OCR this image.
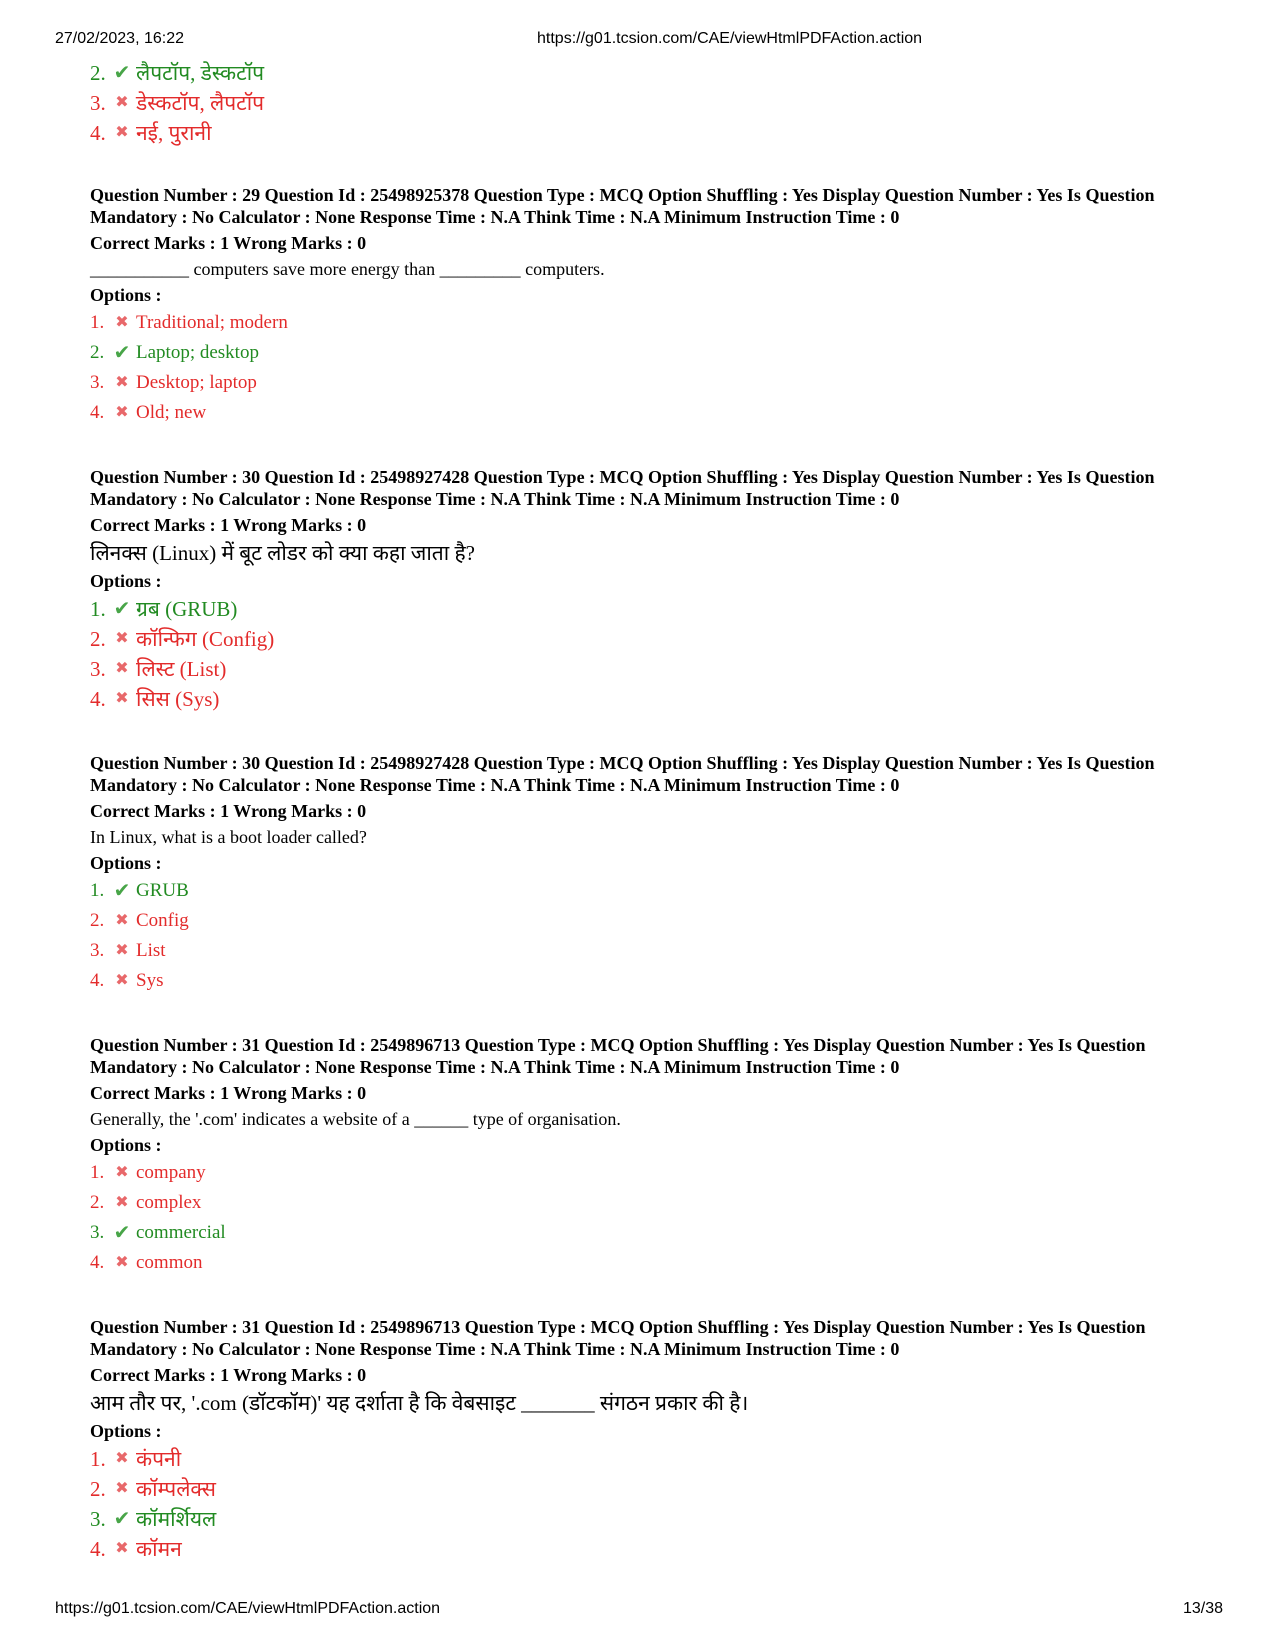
27/02/2023, 16:22	https://g01.tcsion.com/CAE/viewHtmlPDFAction.action
2. ✔ लैपटॉप, डेस्कटॉप
3. ✖ डेस्कटॉप, लैपटॉप
4. ✖ नई, पुरानी
Question Number : 29 Question Id : 25498925378 Question Type : MCQ Option Shuffling : Yes Display Question Number : Yes Is Question Mandatory : No Calculator : None Response Time : N.A Think Time : N.A Minimum Instruction Time : 0
Correct Marks : 1 Wrong Marks : 0
___________ computers save more energy than _________ computers.
Options :
1. ✖ Traditional; modern
2. ✔ Laptop; desktop
3. ✖ Desktop; laptop
4. ✖ Old; new
Question Number : 30 Question Id : 25498927428 Question Type : MCQ Option Shuffling : Yes Display Question Number : Yes Is Question Mandatory : No Calculator : None Response Time : N.A Think Time : N.A Minimum Instruction Time : 0
Correct Marks : 1 Wrong Marks : 0
लिनक्स (Linux) में बूट लोडर को क्या कहा जाता है?
Options :
1. ✔ ग्रब (GRUB)
2. ✖ कॉन्फिग (Config)
3. ✖ लिस्ट (List)
4. ✖ सिस (Sys)
Question Number : 30 Question Id : 25498927428 Question Type : MCQ Option Shuffling : Yes Display Question Number : Yes Is Question Mandatory : No Calculator : None Response Time : N.A Think Time : N.A Minimum Instruction Time : 0
Correct Marks : 1 Wrong Marks : 0
In Linux, what is a boot loader called?
Options :
1. ✔ GRUB
2. ✖ Config
3. ✖ List
4. ✖ Sys
Question Number : 31 Question Id : 2549896713 Question Type : MCQ Option Shuffling : Yes Display Question Number : Yes Is Question Mandatory : No Calculator : None Response Time : N.A Think Time : N.A Minimum Instruction Time : 0
Correct Marks : 1 Wrong Marks : 0
Generally, the '.com' indicates a website of a ______ type of organisation.
Options :
1. ✖ company
2. ✖ complex
3. ✔ commercial
4. ✖ common
Question Number : 31 Question Id : 2549896713 Question Type : MCQ Option Shuffling : Yes Display Question Number : Yes Is Question Mandatory : No Calculator : None Response Time : N.A Think Time : N.A Minimum Instruction Time : 0
Correct Marks : 1 Wrong Marks : 0
आम तौर पर, '.com (डॉटकॉम)' यह दर्शाता है कि वेबसाइट _______ संगठन प्रकार की है।
Options :
1. ✖ कंपनी
2. ✖ कॉम्पलेक्स
3. ✔ कॉमर्शियल
4. ✖ कॉमन
https://g01.tcsion.com/CAE/viewHtmlPDFAction.action	13/38
